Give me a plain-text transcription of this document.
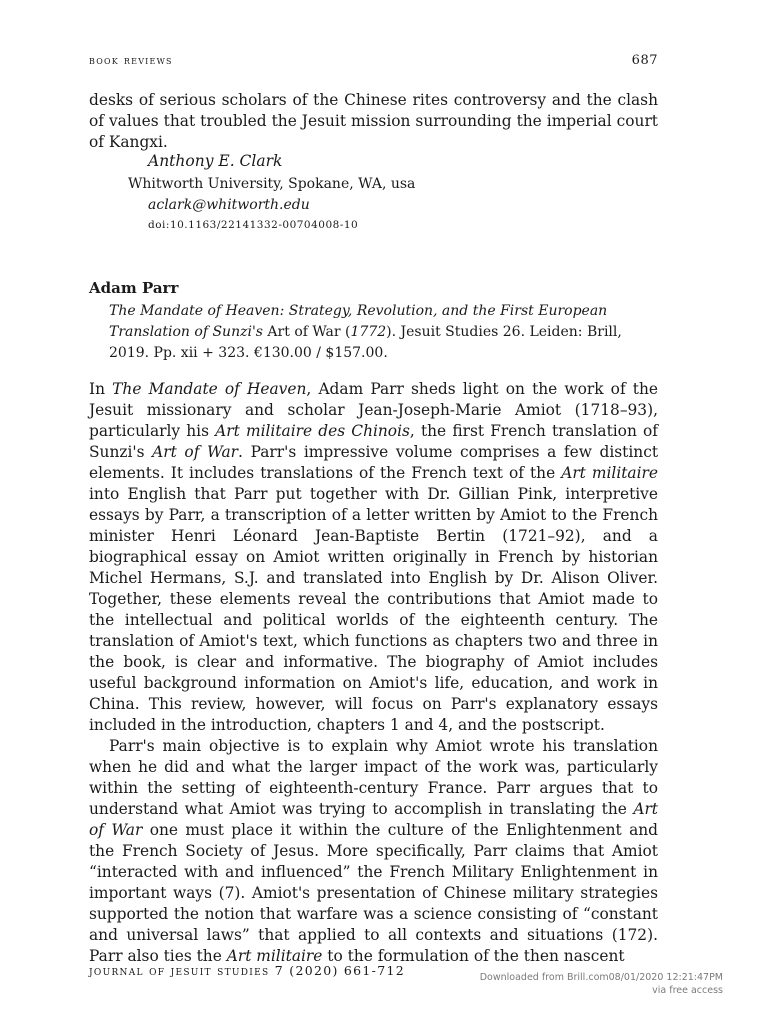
book reviews	687

desks of serious scholars of the Chinese rites controversy and the clash of values that troubled the Jesuit mission surrounding the imperial court of Kangxi.

Anthony E. Clark
Whitworth University, Spokane, WA, usa
aclark@whitworth.edu
doi:10.1163/22141332-00704008-10
Adam Parr
The Mandate of Heaven: Strategy, Revolution, and the First European Translation of Sunzi's Art of War (1772). Jesuit Studies 26. Leiden: Brill, 2019. Pp. xii + 323. €130.00 / $157.00.

In The Mandate of Heaven, Adam Parr sheds light on the work of the Jesuit missionary and scholar Jean-Joseph-Marie Amiot (1718–93), particularly his Art militaire des Chinois, the first French translation of Sunzi's Art of War. Parr's impressive volume comprises a few distinct elements. It includes translations of the French text of the Art militaire into English that Parr put together with Dr. Gillian Pink, interpretive essays by Parr, a transcription of a letter written by Amiot to the French minister Henri Léonard Jean-Baptiste Bertin (1721–92), and a biographical essay on Amiot written originally in French by historian Michel Hermans, S.J. and translated into English by Dr. Alison Oliver. Together, these elements reveal the contributions that Amiot made to the intellectual and political worlds of the eighteenth century. The translation of Amiot's text, which functions as chapters two and three in the book, is clear and informative. The biography of Amiot includes useful background information on Amiot's life, education, and work in China. This review, however, will focus on Parr's explanatory essays included in the introduction, chapters 1 and 4, and the postscript.

Parr's main objective is to explain why Amiot wrote his translation when he did and what the larger impact of the work was, particularly within the setting of eighteenth-century France. Parr argues that to understand what Amiot was trying to accomplish in translating the Art of War one must place it within the culture of the Enlightenment and the French Society of Jesus. More specifically, Parr claims that Amiot “interacted with and influenced” the French Military Enlightenment in important ways (7). Amiot's presentation of Chinese military strategies supported the notion that warfare was a science consisting of “constant and universal laws” that applied to all contexts and situations (172). Parr also ties the Art militaire to the formulation of the then nascent

journal of jesuit studies 7 (2020) 661-712	Downloaded from Brill.com08/01/2020 12:21:47PM
via free access
